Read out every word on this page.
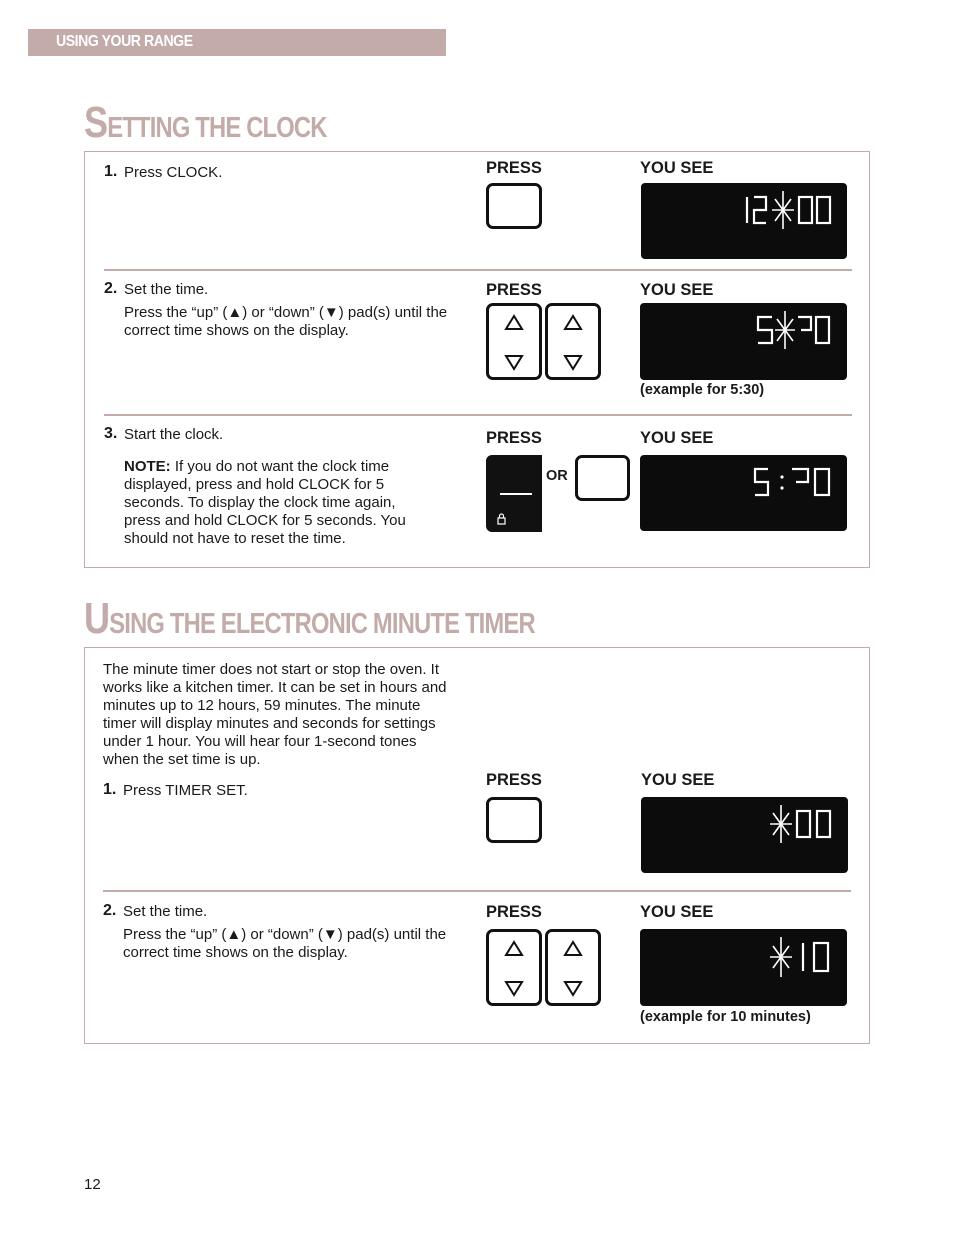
USING YOUR RANGE
SETTING THE CLOCK
1. Press CLOCK.	PRESS	YOU SEE
2. Set the time.
Press the “up” (▲) or “down” (▼) pad(s) until the correct time shows on the display.
PRESS	YOU SEE
(example for 5:30)
3. Start the clock.
NOTE: If you do not want the clock time displayed, press and hold CLOCK for 5 seconds. To display the clock time again, press and hold CLOCK for 5 seconds. You should not have to reset the time.
PRESS	YOU SEE
OR
USING THE ELECTRONIC MINUTE TIMER
The minute timer does not start or stop the oven. It works like a kitchen timer. It can be set in hours and minutes up to 12 hours, 59 minutes. The minute timer will display minutes and seconds for settings under 1 hour. You will hear four 1-second tones when the set time is up.
1. Press TIMER SET.
PRESS	YOU SEE
2. Set the time.
Press the “up” (▲) or “down” (▼) pad(s) until the correct time shows on the display.
PRESS	YOU SEE
(example for 10 minutes)
12
